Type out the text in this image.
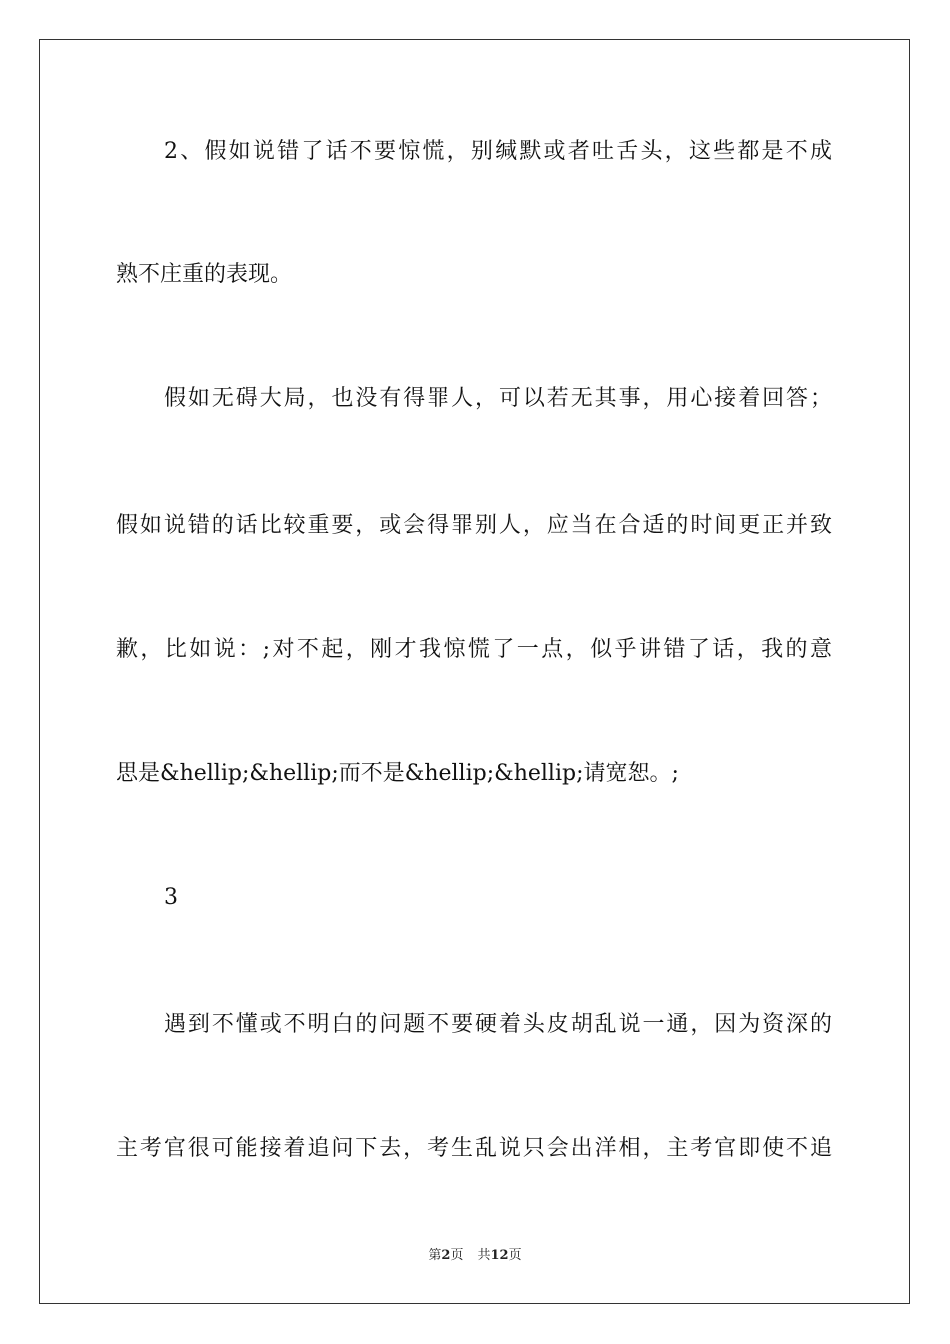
2、假如说错了话不要惊慌，别缄默或者吐舌头，这些都是不成
熟不庄重的表现。
假如无碍大局，也没有得罪人，可以若无其事，用心接着回答；
假如说错的话比较重要，或会得罪别人，应当在合适的时间更正并致
歉，比如说：;对不起，刚才我惊慌了一点，似乎讲错了话，我的意
思是&hellip;&hellip;而不是&hellip;&hellip;请宽恕。;
3
遇到不懂或不明白的问题不要硬着头皮胡乱说一通，因为资深的
主考官很可能接着追问下去，考生乱说只会出洋相，主考官即使不追
第2页 共12页
